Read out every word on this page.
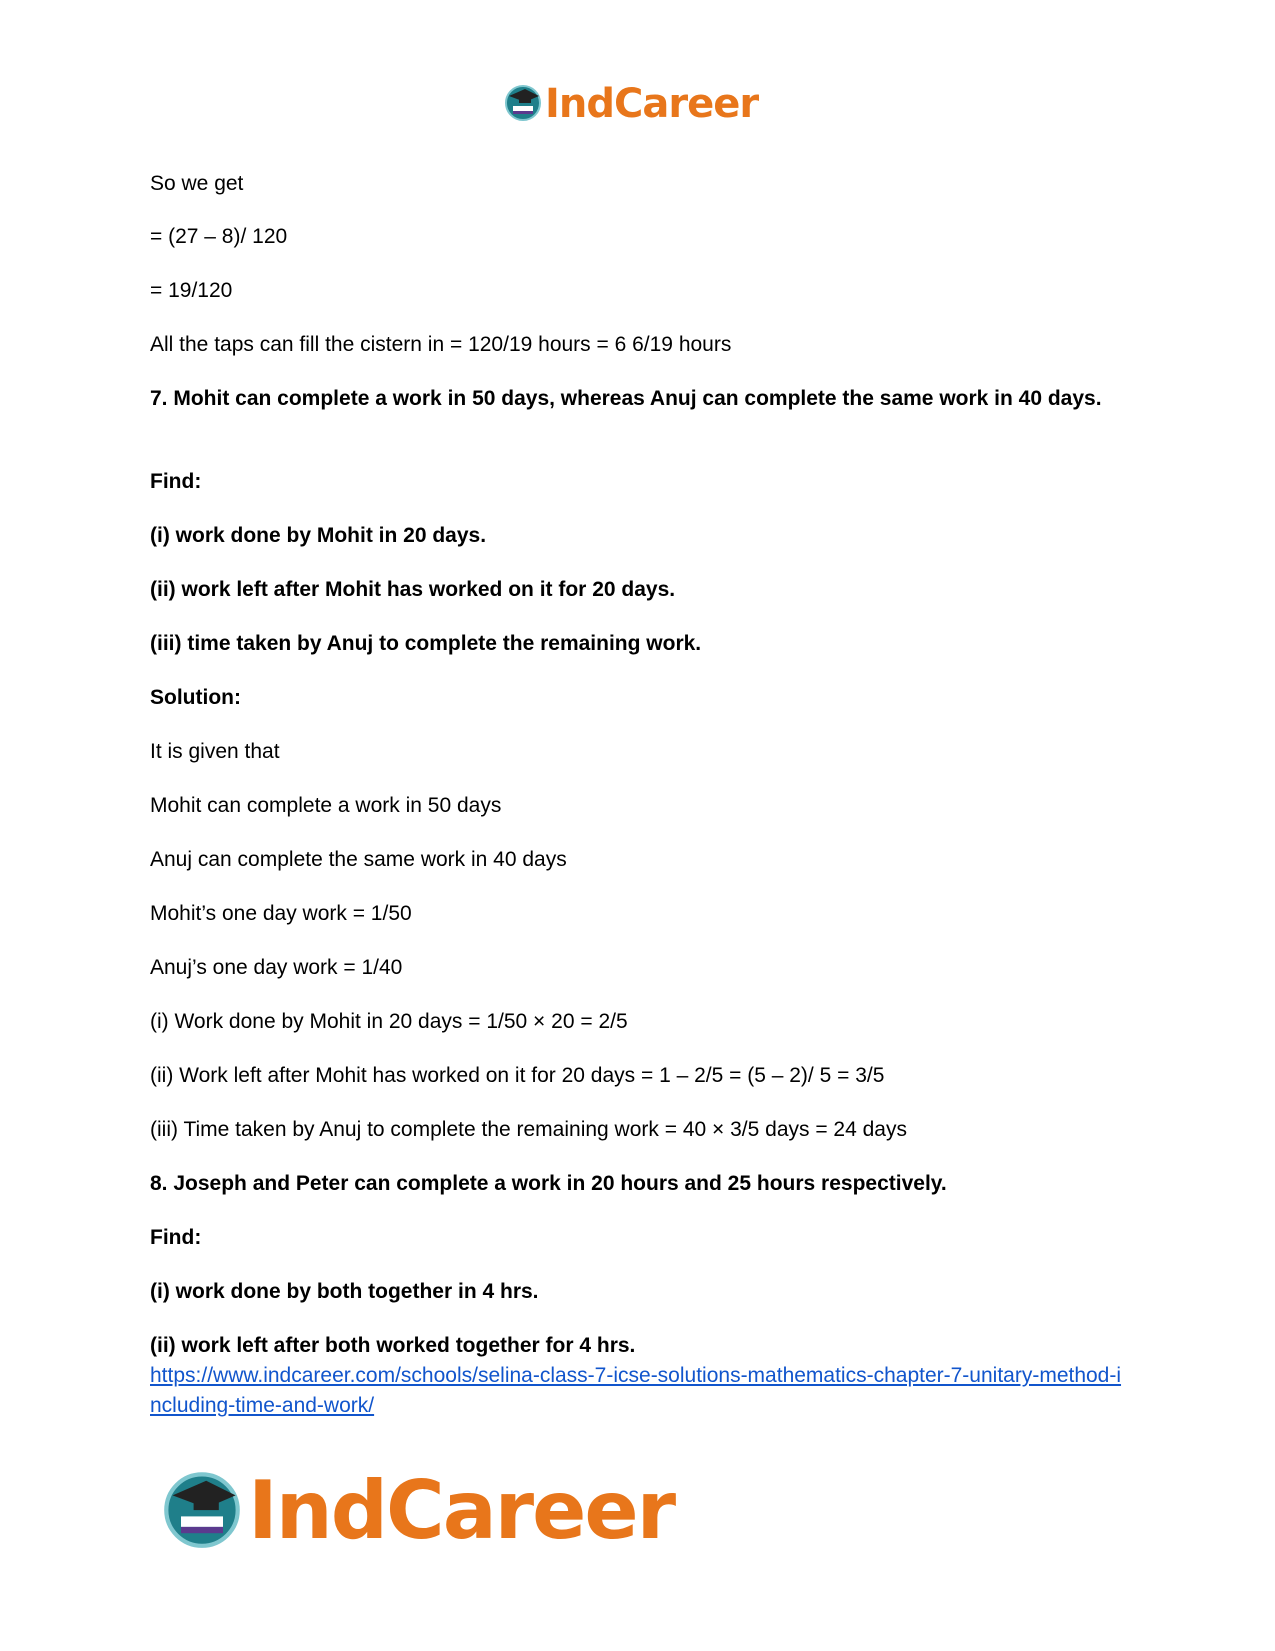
IndCareer
So we get
= (27 – 8)/ 120
= 19/120
All the taps can fill the cistern in = 120/19 hours = 6 6/19 hours
7. Mohit can complete a work in 50 days, whereas Anuj can complete the same work in 40 days.
Find:
(i) work done by Mohit in 20 days.
(ii) work left after Mohit has worked on it for 20 days.
(iii) time taken by Anuj to complete the remaining work.
Solution:
It is given that
Mohit can complete a work in 50 days
Anuj can complete the same work in 40 days
Mohit’s one day work = 1/50
Anuj’s one day work = 1/40
(i) Work done by Mohit in 20 days = 1/50 × 20 = 2/5
(ii) Work left after Mohit has worked on it for 20 days = 1 – 2/5 = (5 – 2)/ 5 = 3/5
(iii) Time taken by Anuj to complete the remaining work = 40 × 3/5 days = 24 days
8. Joseph and Peter can complete a work in 20 hours and 25 hours respectively.
Find:
(i) work done by both together in 4 hrs.
(ii) work left after both worked together for 4 hrs.
https://www.indcareer.com/schools/selina-class-7-icse-solutions-mathematics-chapter-7-unitary-method-including-time-and-work/
IndCareer
